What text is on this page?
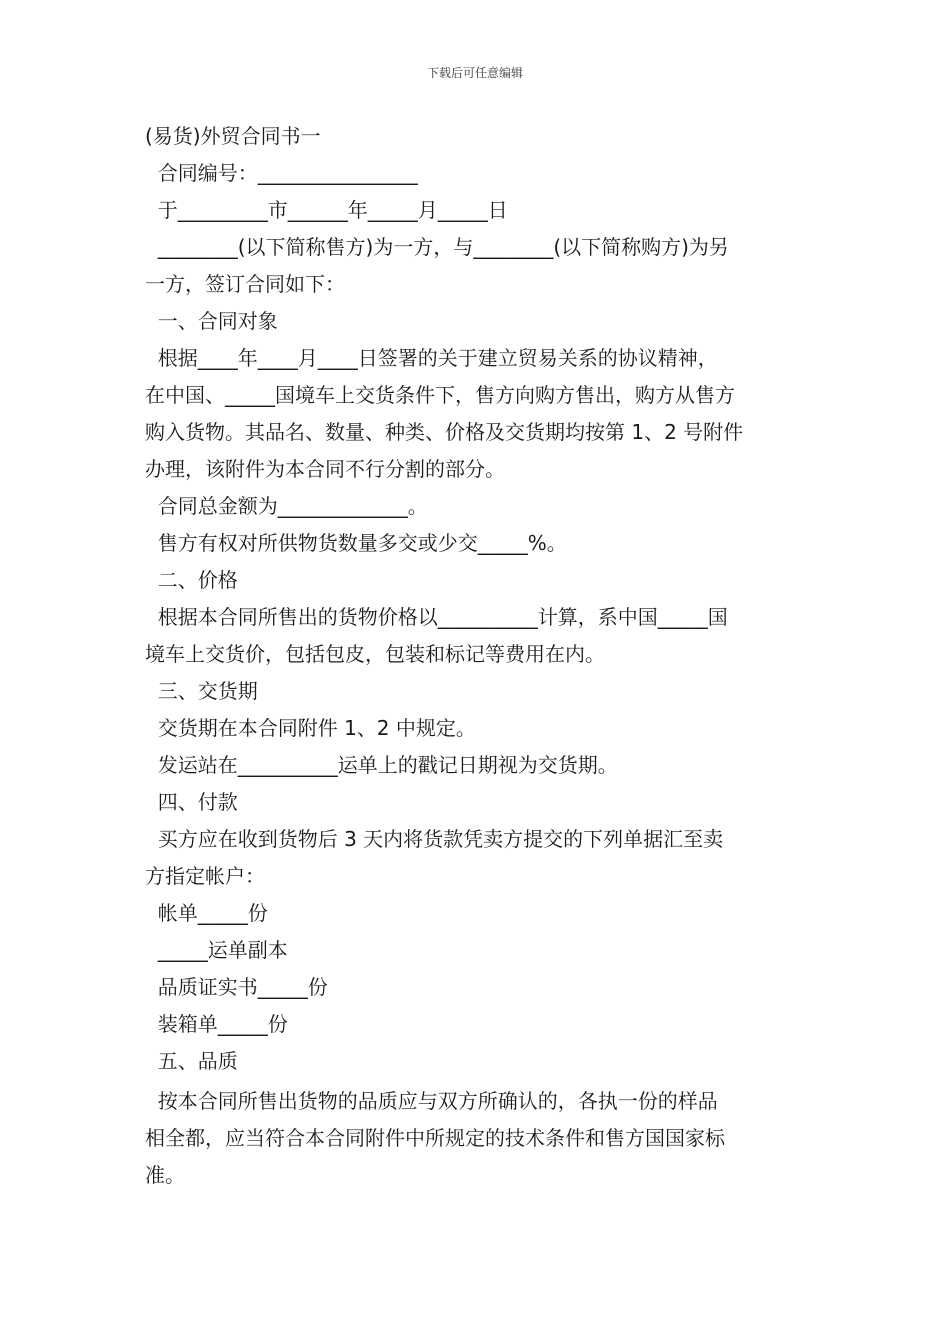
下载后可任意编辑
(易货)外贸合同书一
合同编号：________________
于_________市______年_____月_____日
________(以下简称售方)为一方，与________(以下简称购方)为另
一方，签订合同如下：
一、合同对象
根据____年____月____日签署的关于建立贸易关系的协议精神，
在中国、_____国境车上交货条件下，售方向购方售出，购方从售方
购入货物。其品名、数量、种类、价格及交货期均按第 1、2 号附件
办理，该附件为本合同不行分割的部分。
合同总金额为_____________。
售方有权对所供物货数量多交或少交_____%。
二、价格
根据本合同所售出的货物价格以__________计算，系中国_____国
境车上交货价，包括包皮，包装和标记等费用在内。
三、交货期
交货期在本合同附件 1、2 中规定。
发运站在__________运单上的戳记日期视为交货期。
四、付款
买方应在收到货物后 3 天内将货款凭卖方提交的下列单据汇至卖
方指定帐户：
帐单_____份
_____运单副本
品质证实书_____份
装箱单_____份
五、品质
按本合同所售出货物的品质应与双方所确认的，各执一份的样品
相全都，应当符合本合同附件中所规定的技术条件和售方国国家标
准。
